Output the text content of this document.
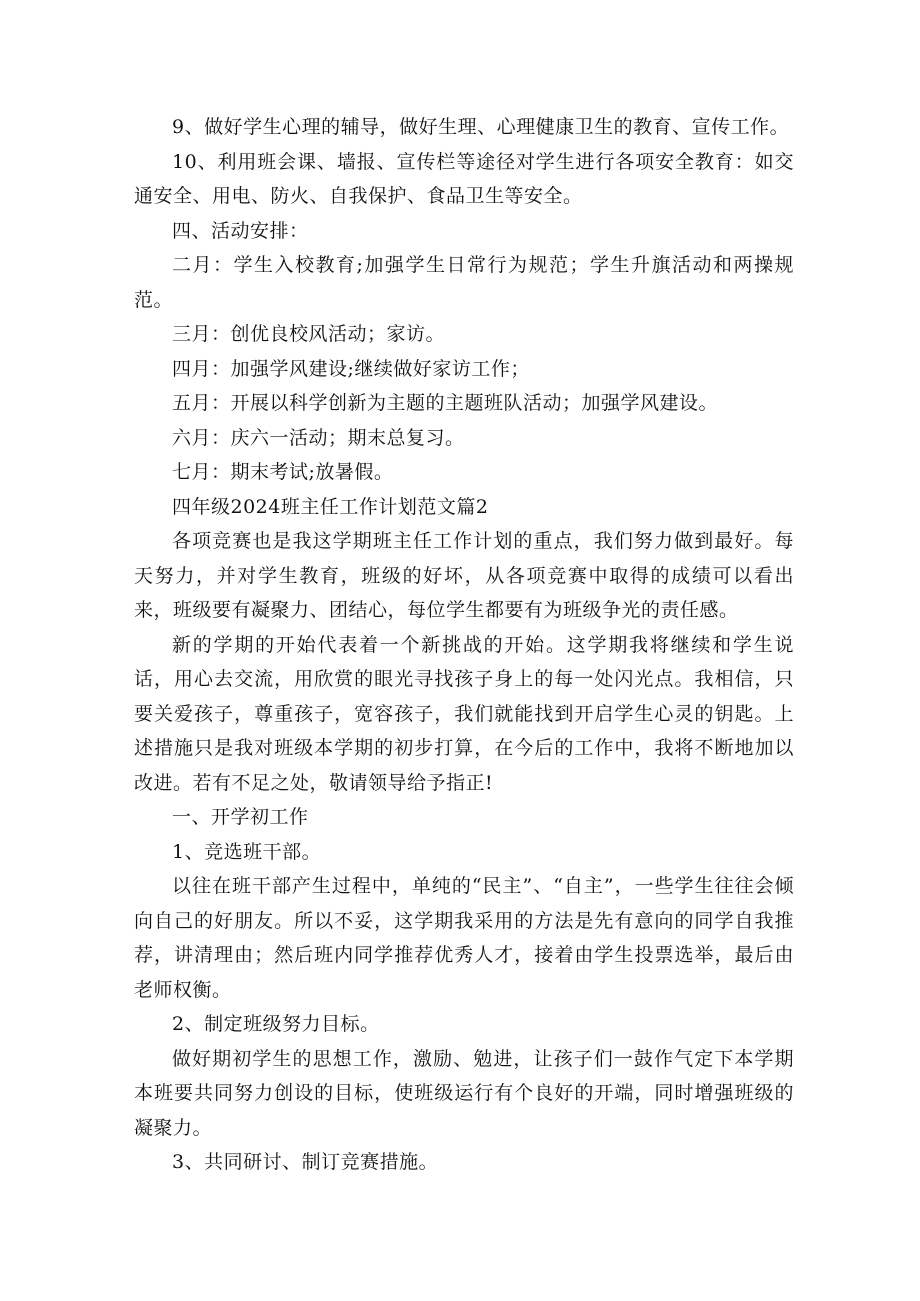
9、做好学生心理的辅导，做好生理、心理健康卫生的教育、宣传工作。

10、利用班会课、墙报、宣传栏等途径对学生进行各项安全教育：如交通安全、用电、防火、自我保护、食品卫生等安全。

四、活动安排：

二月：学生入校教育;加强学生日常行为规范；学生升旗活动和两操规范。

三月：创优良校风活动；家访。

四月：加强学风建设;继续做好家访工作；

五月：开展以科学创新为主题的主题班队活动；加强学风建设。

六月：庆六一活动；期末总复习。

七月：期末考试;放暑假。

四年级2024班主任工作计划范文篇2

各项竞赛也是我这学期班主任工作计划的重点，我们努力做到最好。每天努力，并对学生教育，班级的好坏，从各项竞赛中取得的成绩可以看出来，班级要有凝聚力、团结心，每位学生都要有为班级争光的责任感。

新的学期的开始代表着一个新挑战的开始。这学期我将继续和学生说话，用心去交流，用欣赏的眼光寻找孩子身上的每一处闪光点。我相信，只要关爱孩子，尊重孩子，宽容孩子，我们就能找到开启学生心灵的钥匙。上述措施只是我对班级本学期的初步打算，在今后的工作中，我将不断地加以改进。若有不足之处，敬请领导给予指正!

一、开学初工作

1、竞选班干部。

以往在班干部产生过程中，单纯的“民主”、“自主”，一些学生往往会倾向自己的好朋友。所以不妥，这学期我采用的方法是先有意向的同学自我推荐，讲清理由；然后班内同学推荐优秀人才，接着由学生投票选举，最后由老师权衡。

2、制定班级努力目标。

做好期初学生的思想工作，激励、勉进，让孩子们一鼓作气定下本学期本班要共同努力创设的目标，使班级运行有个良好的开端，同时增强班级的凝聚力。

3、共同研讨、制订竞赛措施。
